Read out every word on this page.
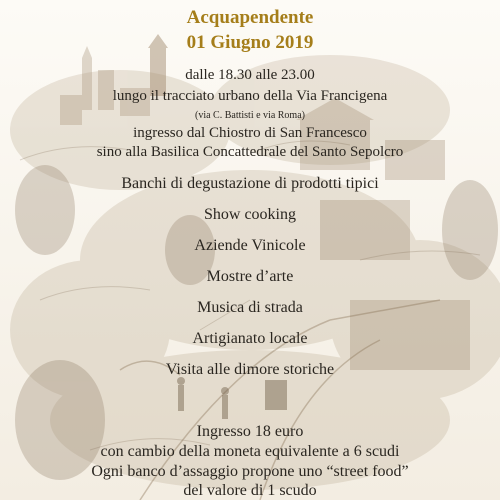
Acquapendente
01 Giugno 2019
dalle 18.30 alle 23.00
lungo il tracciato urbano della Via Francigena
(via C. Battisti e via Roma)
ingresso dal Chiostro di San Francesco
sino alla Basilica Concattedrale del Santo Sepolcro
Banchi di degustazione di prodotti tipici
Show cooking
Aziende Vinicole
Mostre d’arte
Musica di strada
Artigianato locale
Visita alle dimore storiche
Ingresso 18 euro
con cambio della moneta equivalente a 6 scudi
Ogni banco d’assaggio propone uno “street food”
del valore di 1 scudo
